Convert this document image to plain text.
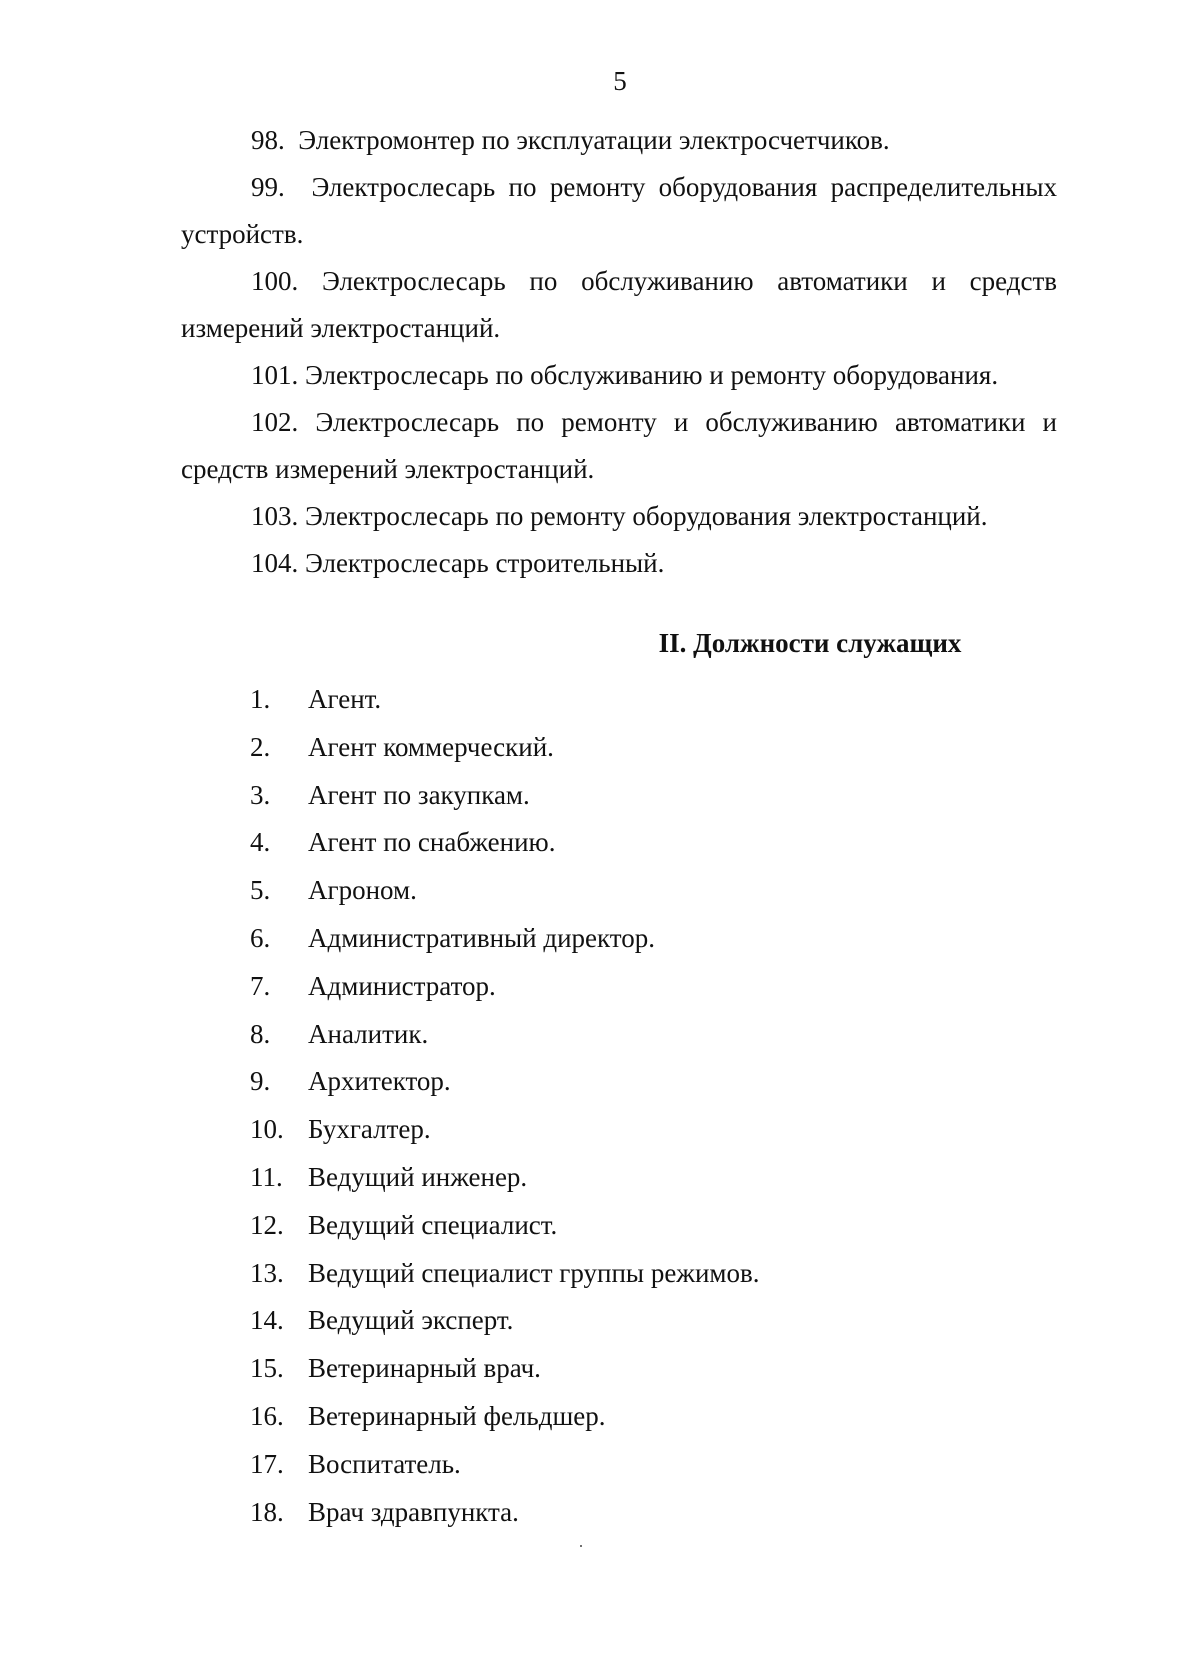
5

98. Электромонтер по эксплуатации электросчетчиков.

99. Электрослесарь по ремонту оборудования распределительных
устройств.

100. Электрослесарь по обслуживанию автоматики и средств
измерений электростанций.

101. Электрослесарь по обслуживанию и ремонту оборудования.

102. Электрослесарь по ремонту и обслуживанию автоматики и
средств измерений электростанций.

103. Электрослесарь по ремонту оборудования электростанций.

104. Электрослесарь строительный.

II. Должности служащих
1.	Агент.
2.	Агент коммерческий.
3.	Агент по закупкам.
4.	Агент по снабжению.
5.	Агроном.
6.	Административный директор.
7.	Администратор.
8.	Аналитик.
9.	Архитектор.
10. Бухгалтер.
11. Ведущий инженер.
12. Ведущий специалист.
13. Ведущий специалист группы режимов.
14. Ведущий эксперт.
15. Ветеринарный врач.
16. Ветеринарный фельдшер.
17. Воспитатель.
18. Врач здравпункта.
